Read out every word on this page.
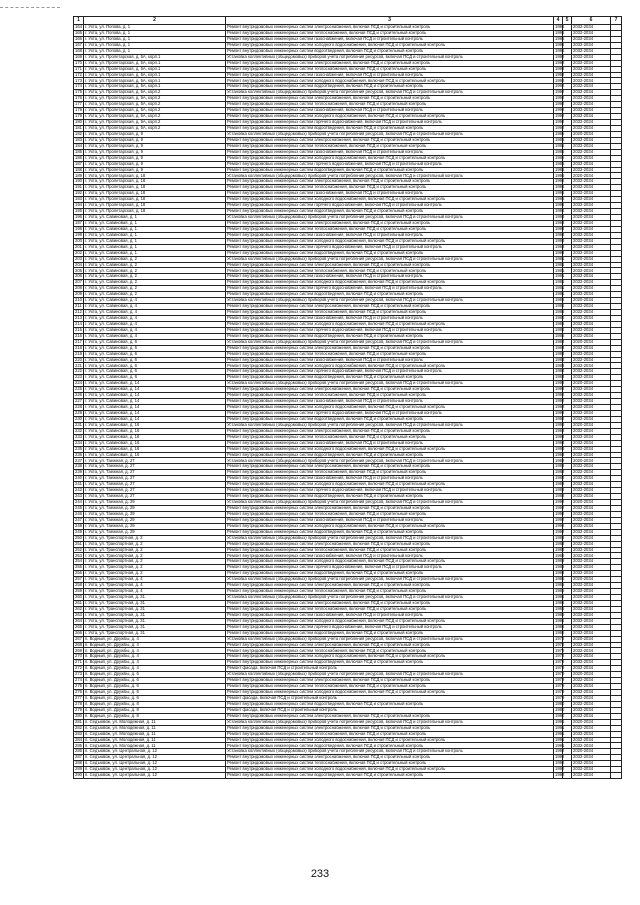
1	2	3	4	5	6	7
164	г. Ухта, ул. Попова, д. 1	Ремонт внутридомовых инженерных систем электроснабжения, включая ПСД и строительный контроль	1996		2032-2034	
165	г. Ухта, ул. Попова, д. 1	Ремонт внутридомовых инженерных систем теплоснабжения, включая ПСД и строительный контроль	1996		2032-2034	
166	г. Ухта, ул. Попова, д. 1	Ремонт внутридомовых инженерных систем газоснабжения, включая ПСД и строительный контроль	1996		2032-2034	
167	г. Ухта, ул. Попова, д. 1	Ремонт внутридомовых инженерных систем холодного водоснабжения, включая ПСД и строительный контроль	1996		2032-2034	
168	г. Ухта, ул. Попова, д. 1	Ремонт внутридомовых инженерных систем водоотведения, включая ПСД и строительный контроль	1996		2032-2034	
169	г. Ухта, ул. Пролетарская, д. 5А, корп.1	Установка коллективных (общедомовых) приборов учета потребления ресурсов, включая ПСД и строительный контроль	1992		2032-2034	
170	г. Ухта, ул. Пролетарская, д. 5А, корп.1	Ремонт внутридомовых инженерных систем электроснабжения, включая ПСД и строительный контроль	1992		2032-2034	
171	г. Ухта, ул. Пролетарская, д. 5А, корп.1	Ремонт внутридомовых инженерных систем теплоснабжения, включая ПСД и строительный контроль	1992		2032-2034	
172	г. Ухта, ул. Пролетарская, д. 5А, корп.1	Ремонт внутридомовых инженерных систем газоснабжения, включая ПСД и строительный контроль	1992		2032-2034	
173	г. Ухта, ул. Пролетарская, д. 5А, корп.1	Ремонт внутридомовых инженерных систем холодного водоснабжения, включая ПСД и строительный контроль	1992		2032-2034	
174	г. Ухта, ул. Пролетарская, д. 5А, корп.1	Ремонт внутридомовых инженерных систем водоотведения, включая ПСД и строительный контроль	1992		2032-2034	
175	г. Ухта, ул. Пролетарская, д. 5А, корп.2	Установка коллективных (общедомовых) приборов учета потребления ресурсов, включая ПСД и строительный контроль	1992		2032-2034	
176	г. Ухта, ул. Пролетарская, д. 5А, корп.2	Ремонт внутридомовых инженерных систем электроснабжения, включая ПСД и строительный контроль	1992		2032-2034	
177	г. Ухта, ул. Пролетарская, д. 5А, корп.2	Ремонт внутридомовых инженерных систем теплоснабжения, включая ПСД и строительный контроль	1992		2032-2034	
178	г. Ухта, ул. Пролетарская, д. 5А, корп.2	Ремонт внутридомовых инженерных систем газоснабжения, включая ПСД и строительный контроль	1992		2032-2034	
179	г. Ухта, ул. Пролетарская, д. 5А, корп.2	Ремонт внутридомовых инженерных систем холодного водоснабжения, включая ПСД и строительный контроль	1992		2032-2034	
180	г. Ухта, ул. Пролетарская, д. 5А, корп.2	Ремонт внутридомовых инженерных систем горячего водоснабжения, включая ПСД и строительный контроль	1992		2032-2034	
181	г. Ухта, ул. Пролетарская, д. 5А, корп.2	Ремонт внутридомовых инженерных систем водоотведения, включая ПСД и строительный контроль	1992		2032-2034	
182	г. Ухта, ул. Пролетарская, д. 9	Установка коллективных (общедомовых) приборов учета потребления ресурсов, включая ПСД и строительный контроль	1985		2020-2034	
183	г. Ухта, ул. Пролетарская, д. 9	Ремонт внутридомовых инженерных систем электроснабжения, включая ПСД и строительный контроль	1985		2032-2034	
184	г. Ухта, ул. Пролетарская, д. 9	Ремонт внутридомовых инженерных систем теплоснабжения, включая ПСД и строительный контроль	1985		2032-2034	
185	г. Ухта, ул. Пролетарская, д. 9	Ремонт внутридомовых инженерных систем газоснабжения, включая ПСД и строительный контроль	1985		2032-2034	
186	г. Ухта, ул. Пролетарская, д. 9	Ремонт внутридомовых инженерных систем холодного водоснабжения, включая ПСД и строительный контроль	1985		2032-2034	
187	г. Ухта, ул. Пролетарская, д. 9	Ремонт внутридомовых инженерных систем горячего водоснабжения, включая ПСД и строительный контроль	1985		2032-2034	
188	г. Ухта, ул. Пролетарская, д. 9	Ремонт внутридомовых инженерных систем водоотведения, включая ПСД и строительный контроль	1985		2032-2034	
189	г. Ухта, ул. Пролетарская, д. 18	Установка коллективных (общедомовых) приборов учета потребления ресурсов, включая ПСД и строительный контроль	1996		2020-2034	
190	г. Ухта, ул. Пролетарская, д. 18	Ремонт внутридомовых инженерных систем электроснабжения, включая ПСД и строительный контроль	1996		2032-2034	
191	г. Ухта, ул. Пролетарская, д. 18	Ремонт внутридомовых инженерных систем теплоснабжения, включая ПСД и строительный контроль	1996		2032-2034	
192	г. Ухта, ул. Пролетарская, д. 18	Ремонт внутридомовых инженерных систем газоснабжения, включая ПСД и строительный контроль	1996		2032-2034	
193	г. Ухта, ул. Пролетарская, д. 18	Ремонт внутридомовых инженерных систем холодного водоснабжения, включая ПСД и строительный контроль	1996		2032-2034	
194	г. Ухта, ул. Пролетарская, д. 18	Ремонт внутридомовых инженерных систем горячего водоснабжения, включая ПСД и строительный контроль	1996		2032-2034	
195	г. Ухта, ул. Пролетарская, д. 18	Ремонт внутридомовых инженерных систем водоотведения, включая ПСД и строительный контроль	1996		2032-2034	
196	г. Ухта, ул. Савиновая, д. 1	Установка коллективных (общедомовых) приборов учета потребления ресурсов, включая ПСД и строительный контроль	1993		2020-2034	
197	г. Ухта, ул. Савиновая, д. 1	Ремонт внутридомовых инженерных систем электроснабжения, включая ПСД и строительный контроль	1993		2032-2034	
198	г. Ухта, ул. Савиновая, д. 1	Ремонт внутридомовых инженерных систем теплоснабжения, включая ПСД и строительный контроль	1993		2032-2034	
199	г. Ухта, ул. Савиновая, д. 1	Ремонт внутридомовых инженерных систем газоснабжения, включая ПСД и строительный контроль	1993		2032-2034	
200	г. Ухта, ул. Савиновая, д. 1	Ремонт внутридомовых инженерных систем холодного водоснабжения, включая ПСД и строительный контроль	1993		2032-2034	
201	г. Ухта, ул. Савиновая, д. 1	Ремонт внутридомовых инженерных систем горячего водоснабжения, включая ПСД и строительный контроль	1993		2032-2034	
202	г. Ухта, ул. Савиновая, д. 1	Ремонт внутридомовых инженерных систем водоотведения, включая ПСД и строительный контроль	1993		2032-2034	
203	г. Ухта, ул. Савиновая, д. 2	Установка коллективных (общедомовых) приборов учета потребления ресурсов, включая ПСД и строительный контроль	1981		2020-2034	
204	г. Ухта, ул. Савиновая, д. 2	Ремонт внутридомовых инженерных систем электроснабжения, включая ПСД и строительный контроль	1981		2032-2034	
205	г. Ухта, ул. Савиновая, д. 2	Ремонт внутридомовых инженерных систем теплоснабжения, включая ПСД и строительный контроль	1981		2032-2034	
206	г. Ухта, ул. Савиновая, д. 2	Ремонт внутридомовых инженерных систем газоснабжения, включая ПСД и строительный контроль	1981		2032-2034	
207	г. Ухта, ул. Савиновая, д. 2	Ремонт внутридомовых инженерных систем холодного водоснабжения, включая ПСД и строительный контроль	1981		2032-2034	
208	г. Ухта, ул. Савиновая, д. 2	Ремонт внутридомовых инженерных систем горячего водоснабжения, включая ПСД и строительный контроль	1981		2032-2034	
209	г. Ухта, ул. Савиновая, д. 2	Ремонт внутридомовых инженерных систем водоотведения, включая ПСД и строительный контроль	1981		2032-2034	
210	г. Ухта, ул. Савиновая, д. 4	Установка коллективных (общедомовых) приборов учета потребления ресурсов, включая ПСД и строительный контроль	1986		2020-2034	
211	г. Ухта, ул. Савиновая, д. 4	Ремонт внутридомовых инженерных систем электроснабжения, включая ПСД и строительный контроль	1986		2032-2034	
212	г. Ухта, ул. Савиновая, д. 4	Ремонт внутридомовых инженерных систем теплоснабжения, включая ПСД и строительный контроль	1986		2032-2034	
213	г. Ухта, ул. Савиновая, д. 4	Ремонт внутридомовых инженерных систем газоснабжения, включая ПСД и строительный контроль	1986		2032-2034	
214	г. Ухта, ул. Савиновая, д. 4	Ремонт внутридомовых инженерных систем холодного водоснабжения, включая ПСД и строительный контроль	1986		2032-2034	
215	г. Ухта, ул. Савиновая, д. 4	Ремонт внутридомовых инженерных систем горячего водоснабжения, включая ПСД и строительный контроль	1986		2032-2034	
216	г. Ухта, ул. Савиновая, д. 4	Ремонт внутридомовых инженерных систем водоотведения, включая ПСД и строительный контроль	1986		2032-2034	
217	г. Ухта, ул. Савиновая, д. 6	Установка коллективных (общедомовых) приборов учета потребления ресурсов, включая ПСД и строительный контроль	1983		2020-2034	
218	г. Ухта, ул. Савиновая, д. 6	Ремонт внутридомовых инженерных систем электроснабжения, включая ПСД и строительный контроль	1983		2032-2034	
219	г. Ухта, ул. Савиновая, д. 6	Ремонт внутридомовых инженерных систем теплоснабжения, включая ПСД и строительный контроль	1983		2032-2034	
220	г. Ухта, ул. Савиновая, д. 6	Ремонт внутридомовых инженерных систем газоснабжения, включая ПСД и строительный контроль	1983		2032-2034	
221	г. Ухта, ул. Савиновая, д. 6	Ремонт внутридомовых инженерных систем холодного водоснабжения, включая ПСД и строительный контроль	1983		2032-2034	
222	г. Ухта, ул. Савиновая, д. 6	Ремонт внутридомовых инженерных систем горячего водоснабжения, включая ПСД и строительный контроль	1983		2032-2034	
223	г. Ухта, ул. Савиновая, д. 6	Ремонт внутридомовых инженерных систем водоотведения, включая ПСД и строительный контроль	1983		2032-2034	
224	г. Ухта, ул. Савиновая, д. 14	Установка коллективных (общедомовых) приборов учета потребления ресурсов, включая ПСД и строительный контроль	1992		2020-2034	
225	г. Ухта, ул. Савиновая, д. 14	Ремонт внутридомовых инженерных систем электроснабжения, включая ПСД и строительный контроль	1992		2032-2034	
226	г. Ухта, ул. Савиновая, д. 14	Ремонт внутридомовых инженерных систем теплоснабжения, включая ПСД и строительный контроль	1992		2032-2034	
227	г. Ухта, ул. Савиновая, д. 14	Ремонт внутридомовых инженерных систем газоснабжения, включая ПСД и строительный контроль	1992		2032-2034	
228	г. Ухта, ул. Савиновая, д. 14	Ремонт внутридомовых инженерных систем холодного водоснабжения, включая ПСД и строительный контроль	1992		2032-2034	
229	г. Ухта, ул. Савиновая, д. 14	Ремонт внутридомовых инженерных систем горячего водоснабжения, включая ПСД и строительный контроль	1992		2032-2034	
230	г. Ухта, ул. Савиновая, д. 14	Ремонт внутридомовых инженерных систем водоотведения, включая ПСД и строительный контроль	1992		2032-2034	
231	г. Ухта, ул. Савиновая, д. 16	Установка коллективных (общедомовых) приборов учета потребления ресурсов, включая ПСД и строительный контроль	1993		2020-2034	
232	г. Ухта, ул. Савиновая, д. 16	Ремонт внутридомовых инженерных систем электроснабжения, включая ПСД и строительный контроль	1993		2032-2034	
233	г. Ухта, ул. Савиновая, д. 16	Ремонт внутридомовых инженерных систем теплоснабжения, включая ПСД и строительный контроль	1993		2032-2034	
234	г. Ухта, ул. Савиновая, д. 16	Ремонт внутридомовых инженерных систем газоснабжения, включая ПСД и строительный контроль	1993		2032-2034	
235	г. Ухта, ул. Савиновая, д. 16	Ремонт внутридомовых инженерных систем холодного водоснабжения, включая ПСД и строительный контроль	1993		2032-2034	
236	г. Ухта, ул. Савиновая, д. 16	Ремонт внутридомовых инженерных систем водоотведения, включая ПСД и строительный контроль	1993		2032-2034	
237	г. Ухта, ул. Таежная, д. 27	Установка коллективных (общедомовых) приборов учета потребления ресурсов, включая ПСД и строительный контроль	1988		2020-2034	
238	г. Ухта, ул. Таежная, д. 27	Ремонт внутридомовых инженерных систем электроснабжения, включая ПСД и строительный контроль	1988		2032-2034	
239	г. Ухта, ул. Таежная, д. 27	Ремонт внутридомовых инженерных систем теплоснабжения, включая ПСД и строительный контроль	1988		2032-2034	
240	г. Ухта, ул. Таежная, д. 27	Ремонт внутридомовых инженерных систем газоснабжения, включая ПСД и строительный контроль	1988		2032-2034	
241	г. Ухта, ул. Таежная, д. 27	Ремонт внутридомовых инженерных систем холодного водоснабжения, включая ПСД и строительный контроль	1988		2032-2034	
242	г. Ухта, ул. Таежная, д. 27	Ремонт внутридомовых инженерных систем горячего водоснабжения, включая ПСД и строительный контроль	1988		2032-2034	
243	г. Ухта, ул. Таежная, д. 27	Ремонт внутридомовых инженерных систем водоотведения, включая ПСД и строительный контроль	1988		2032-2034	
244	г. Ухта, ул. Таежная, д. 29	Установка коллективных (общедомовых) приборов учета потребления ресурсов, включая ПСД и строительный контроль	1992		2020-2034	
245	г. Ухта, ул. Таежная, д. 29	Ремонт внутридомовых инженерных систем электроснабжения, включая ПСД и строительный контроль	1992		2032-2034	
246	г. Ухта, ул. Таежная, д. 29	Ремонт внутридомовых инженерных систем теплоснабжения, включая ПСД и строительный контроль	1992		2032-2034	
247	г. Ухта, ул. Таежная, д. 29	Ремонт внутридомовых инженерных систем газоснабжения, включая ПСД и строительный контроль	1992		2032-2034	
248	г. Ухта, ул. Таежная, д. 29	Ремонт внутридомовых инженерных систем холодного водоснабжения, включая ПСД и строительный контроль	1992		2032-2034	
249	г. Ухта, ул. Таежная, д. 29	Ремонт внутридомовых инженерных систем водоотведения, включая ПСД и строительный контроль	1992		2032-2034	
250	г. Ухта, ул. Транспортная, д. 2	Установка коллективных (общедомовых) приборов учета потребления ресурсов, включая ПСД и строительный контроль	1988		2020-2034	
251	г. Ухта, ул. Транспортная, д. 2	Ремонт внутридомовых инженерных систем электроснабжения, включая ПСД и строительный контроль	1988		2032-2034	
252	г. Ухта, ул. Транспортная, д. 2	Ремонт внутридомовых инженерных систем теплоснабжения, включая ПСД и строительный контроль	1988		2032-2034	
253	г. Ухта, ул. Транспортная, д. 2	Ремонт внутридомовых инженерных систем газоснабжения, включая ПСД и строительный контроль	1988		2032-2034	
254	г. Ухта, ул. Транспортная, д. 2	Ремонт внутридомовых инженерных систем холодного водоснабжения, включая ПСД и строительный контроль	1988		2032-2034	
255	г. Ухта, ул. Транспортная, д. 2	Ремонт внутридомовых инженерных систем горячего водоснабжения, включая ПСД и строительный контроль	1988		2032-2034	
256	г. Ухта, ул. Транспортная, д. 2	Ремонт внутридомовых инженерных систем водоотведения, включая ПСД и строительный контроль	1988		2032-2034	
257	г. Ухта, ул. Транспортная, д. 4	Установка коллективных (общедомовых) приборов учета потребления ресурсов, включая ПСД и строительный контроль	1985		2020-2034	
258	г. Ухта, ул. Транспортная, д. 4	Ремонт внутридомовых инженерных систем электроснабжения, включая ПСД и строительный контроль	1985		2032-2034	
259	г. Ухта, ул. Транспортная, д. 4	Ремонт внутридомовых инженерных систем теплоснабжения, включая ПСД и строительный контроль	1985		2032-2034	
260	г. Ухта, ул. Транспортная, д. 31	Установка коллективных (общедомовых) приборов учета потребления ресурсов, включая ПСД и строительный контроль	1986		2020-2034	
261	г. Ухта, ул. Транспортная, д. 31	Ремонт внутридомовых инженерных систем электроснабжения, включая ПСД и строительный контроль	1986		2032-2034	
262	г. Ухта, ул. Транспортная, д. 31	Ремонт внутридомовых инженерных систем теплоснабжения, включая ПСД и строительный контроль	1986		2032-2034	
263	г. Ухта, ул. Транспортная, д. 31	Ремонт внутридомовых инженерных систем газоснабжения, включая ПСД и строительный контроль	1986		2032-2034	
264	г. Ухта, ул. Транспортная, д. 31	Ремонт внутридомовых инженерных систем холодного водоснабжения, включая ПСД и строительный контроль	1986		2032-2034	
265	г. Ухта, ул. Транспортная, д. 31	Ремонт внутридомовых инженерных систем горячего водоснабжения, включая ПСД и строительный контроль	1986		2032-2034	
266	г. Ухта, ул. Транспортная, д. 31	Ремонт внутридомовых инженерных систем водоотведения, включая ПСД и строительный контроль	1986		2032-2034	
267	п. Водный, ул. Дружбы, д. 4	Установка коллективных (общедомовых) приборов учета потребления ресурсов, включая ПСД и строительный контроль	1978		2020-2034	
268	п. Водный, ул. Дружбы, д. 4	Ремонт внутридомовых инженерных систем электроснабжения, включая ПСД и строительный контроль	1978		2032-2034	
269	п. Водный, ул. Дружбы, д. 4	Ремонт внутридомовых инженерных систем теплоснабжения, включая ПСД и строительный контроль	1978		2032-2034	
270	п. Водный, ул. Дружбы, д. 4	Ремонт внутридомовых инженерных систем холодного водоснабжения, включая ПСД и строительный контроль	1978		2032-2034	
271	п. Водный, ул. Дружбы, д. 4	Ремонт внутридомовых инженерных систем водоотведения, включая ПСД и строительный контроль	1978		2032-2034	
272	п. Водный, ул. Дружбы, д. 4	Ремонт фасада, включая ПСД и строительный контроль	1978		2032-2034	
273	п. Водный, ул. Дружбы, д. 6	Установка коллективных (общедомовых) приборов учета потребления ресурсов, включая ПСД и строительный контроль	1979		2020-2034	
274	п. Водный, ул. Дружбы, д. 6	Ремонт внутридомовых инженерных систем электроснабжения, включая ПСД и строительный контроль	1979		2032-2034	
275	п. Водный, ул. Дружбы, д. 6	Ремонт внутридомовых инженерных систем теплоснабжения, включая ПСД и строительный контроль	1979		2032-2034	
276	п. Водный, ул. Дружбы, д. 6	Ремонт внутридомовых инженерных систем холодного водоснабжения, включая ПСД и строительный контроль	1979		2032-2034	
277	п. Водный, ул. Дружбы, д. 6	Ремонт фасада, включая ПСД и строительный контроль	1979		2032-2034	
278	п. Водный, ул. Дружбы, д. 8	Ремонт внутридомовых инженерных систем водоотведения, включая ПСД и строительный контроль	1980		2032-2034	
279	п. Водный, ул. Дружбы, д. 8	Ремонт фасада, включая ПСД и строительный контроль	1980		2032-2034	
280	п. Водный, ул. Дружбы, д. 8	Ремонт внутридомовых инженерных систем электроснабжения, включая ПСД и строительный контроль	1980		2032-2034	
281	п. Седъювож, ул. Молодежная, д. 11	Установка коллективных (общедомовых) приборов учета потребления ресурсов, включая ПСД и строительный контроль	1991		2020-2034	
282	п. Седъювож, ул. Молодежная, д. 11	Ремонт внутридомовых инженерных систем электроснабжения, включая ПСД и строительный контроль	1991		2032-2034	
283	п. Седъювож, ул. Молодежная, д. 11	Ремонт внутридомовых инженерных систем теплоснабжения, включая ПСД и строительный контроль	1991		2032-2034	
284	п. Седъювож, ул. Молодежная, д. 11	Ремонт внутридомовых инженерных систем холодного водоснабжения, включая ПСД и строительный контроль	1991		2032-2034	
285	п. Седъювож, ул. Молодежная, д. 11	Ремонт внутридомовых инженерных систем водоотведения, включая ПСД и строительный контроль	1991		2032-2034	
286	п. Седъювож, ул. Центральная, д. 12	Установка коллективных (общедомовых) приборов учета потребления ресурсов, включая ПСД и строительный контроль	1992		2020-2034	
287	п. Седъювож, ул. Центральная, д. 12	Ремонт внутридомовых инженерных систем электроснабжения, включая ПСД и строительный контроль	1992		2032-2034	
288	п. Седъювож, ул. Центральная, д. 12	Ремонт внутридомовых инженерных систем теплоснабжения, включая ПСД и строительный контроль	1992		2032-2034	
289	п. Седъювож, ул. Центральная, д. 12	Ремонт внутридомовых инженерных систем холодного водоснабжения, включая ПСД и строительный контроль	1992		2032-2034	
290	п. Седъювож, ул. Центральная, д. 12	Ремонт внутридомовых инженерных систем водоотведения, включая ПСД и строительный контроль	1992		2032-2034	
233
